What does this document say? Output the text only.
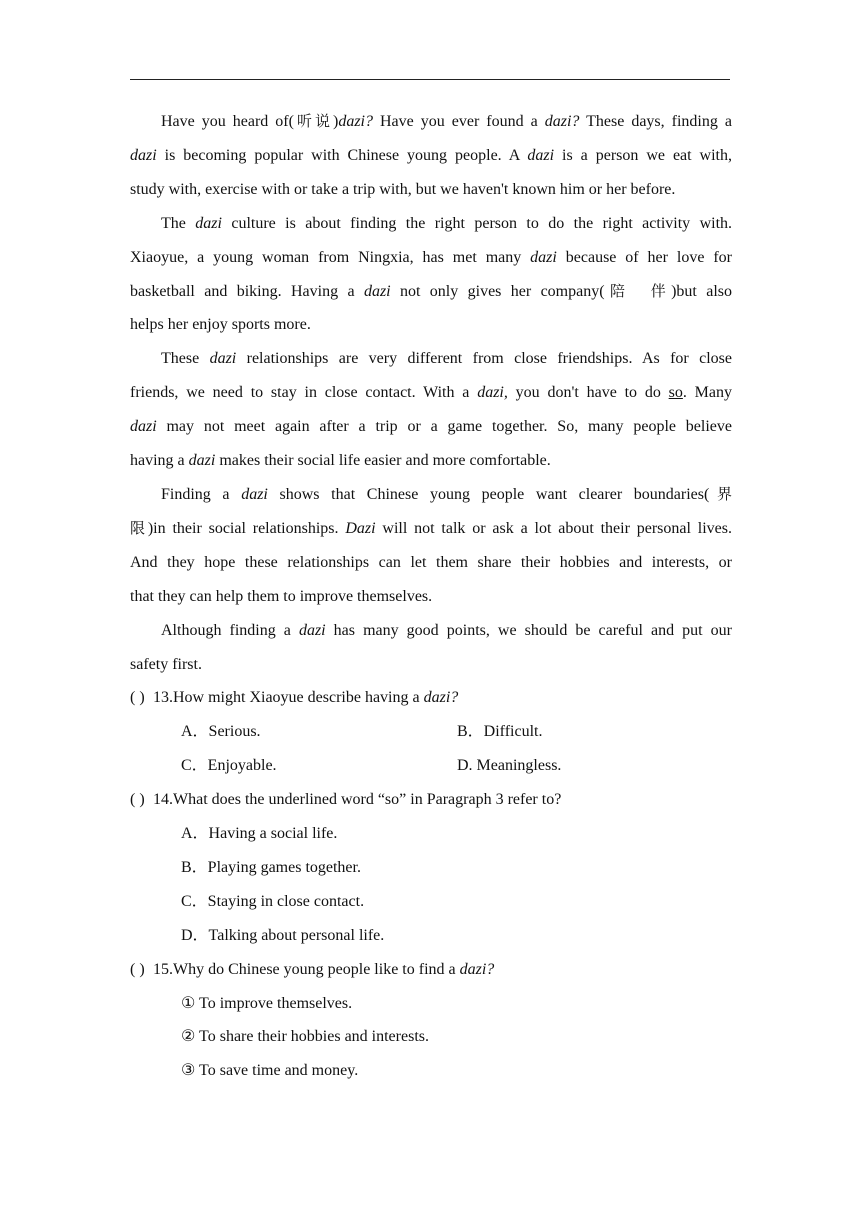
Have you heard of(听说)dazi? Have you ever found a dazi? These days, finding a
dazi is becoming popular with Chinese young people. A dazi is a person we eat with,
study with, exercise with or take a trip with, but we haven't known him or her before.

The dazi culture is about finding the right person to do the right activity with.
Xiaoyue, a young woman from Ningxia, has met many dazi because of her love for
basketball and biking. Having a dazi not only gives her company(陪　伴)but also
helps her enjoy sports more.

These dazi relationships are very different from close friendships. As for close
friends, we need to stay in close contact. With a dazi, you don't have to do so. Many
dazi may not meet again after a trip or a game together. So, many people believe
having a dazi makes their social life easier and more comfortable.

Finding a dazi shows that Chinese young people want clearer boundaries(界
限)in their social relationships. Dazi will not talk or ask a lot about their personal lives.
And they hope these relationships can let them share their hobbies and interests, or
that they can help them to improve themselves.

Although finding a dazi has many good points, we should be careful and put our
safety first.

( ) 13.How might Xiaoyue describe having a dazi?

A．Serious.	B．Difficult.
C．Enjoyable.	D. Meaningless.

( ) 14.What does the underlined word “so” in Paragraph 3 refer to?

A．Having a social life.

B．Playing games together.

C．Staying in close contact.

D．Talking about personal life.

( ) 15.Why do Chinese young people like to find a dazi?

① To improve themselves.

② To share their hobbies and interests.

③ To save time and money.
